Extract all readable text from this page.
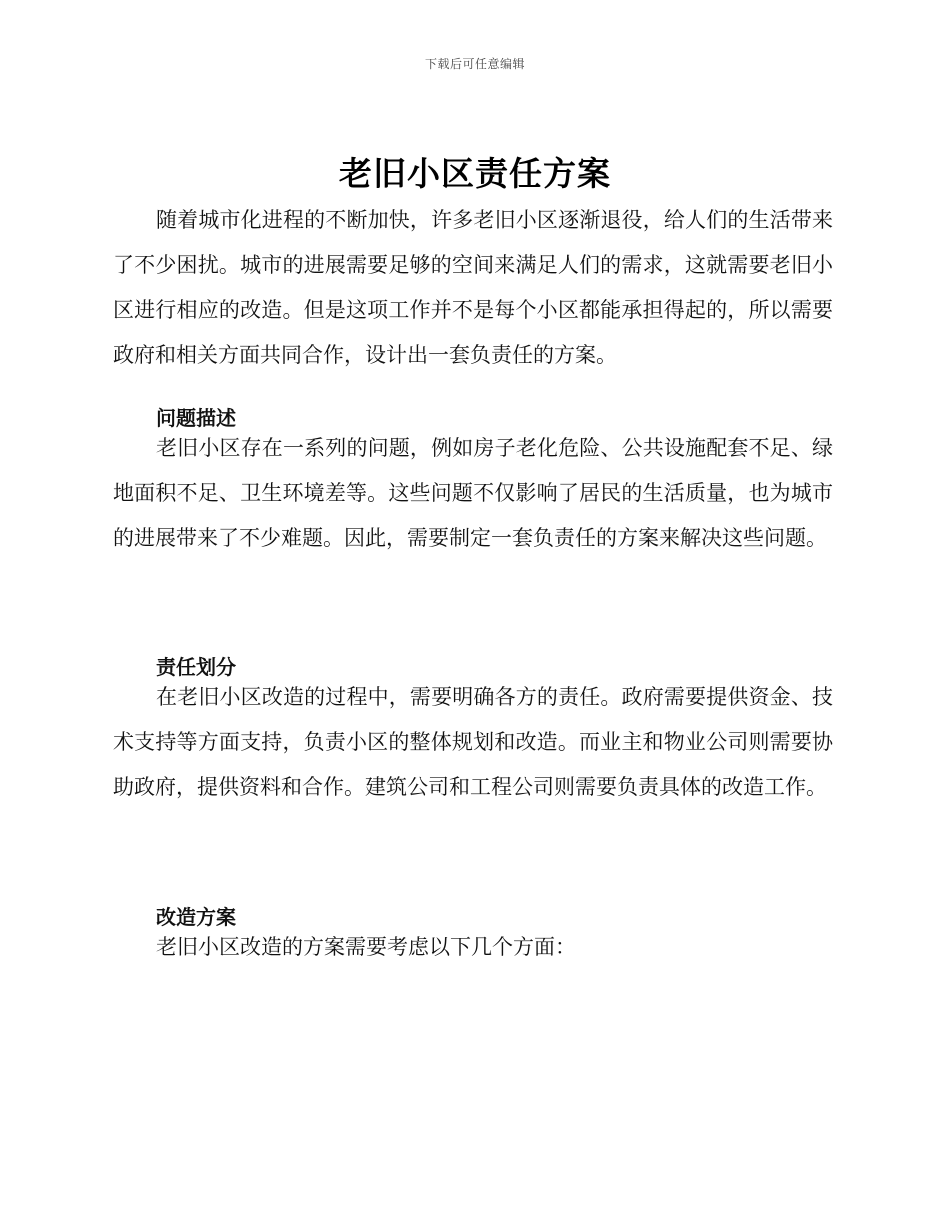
下载后可任意编辑
老旧小区责任方案

随着城市化进程的不断加快，许多老旧小区逐渐退役，给人们的生活带来了不少困扰。城市的进展需要足够的空间来满足人们的需求，这就需要老旧小区进行相应的改造。但是这项工作并不是每个小区都能承担得起的，所以需要政府和相关方面共同合作，设计出一套负责任的方案。

问题描述

老旧小区存在一系列的问题，例如房子老化危险、公共设施配套不足、绿地面积不足、卫生环境差等。这些问题不仅影响了居民的生活质量，也为城市的进展带来了不少难题。因此，需要制定一套负责任的方案来解决这些问题。

责任划分

在老旧小区改造的过程中，需要明确各方的责任。政府需要提供资金、技术支持等方面支持，负责小区的整体规划和改造。而业主和物业公司则需要协助政府，提供资料和合作。建筑公司和工程公司则需要负责具体的改造工作。

改造方案

老旧小区改造的方案需要考虑以下几个方面：
